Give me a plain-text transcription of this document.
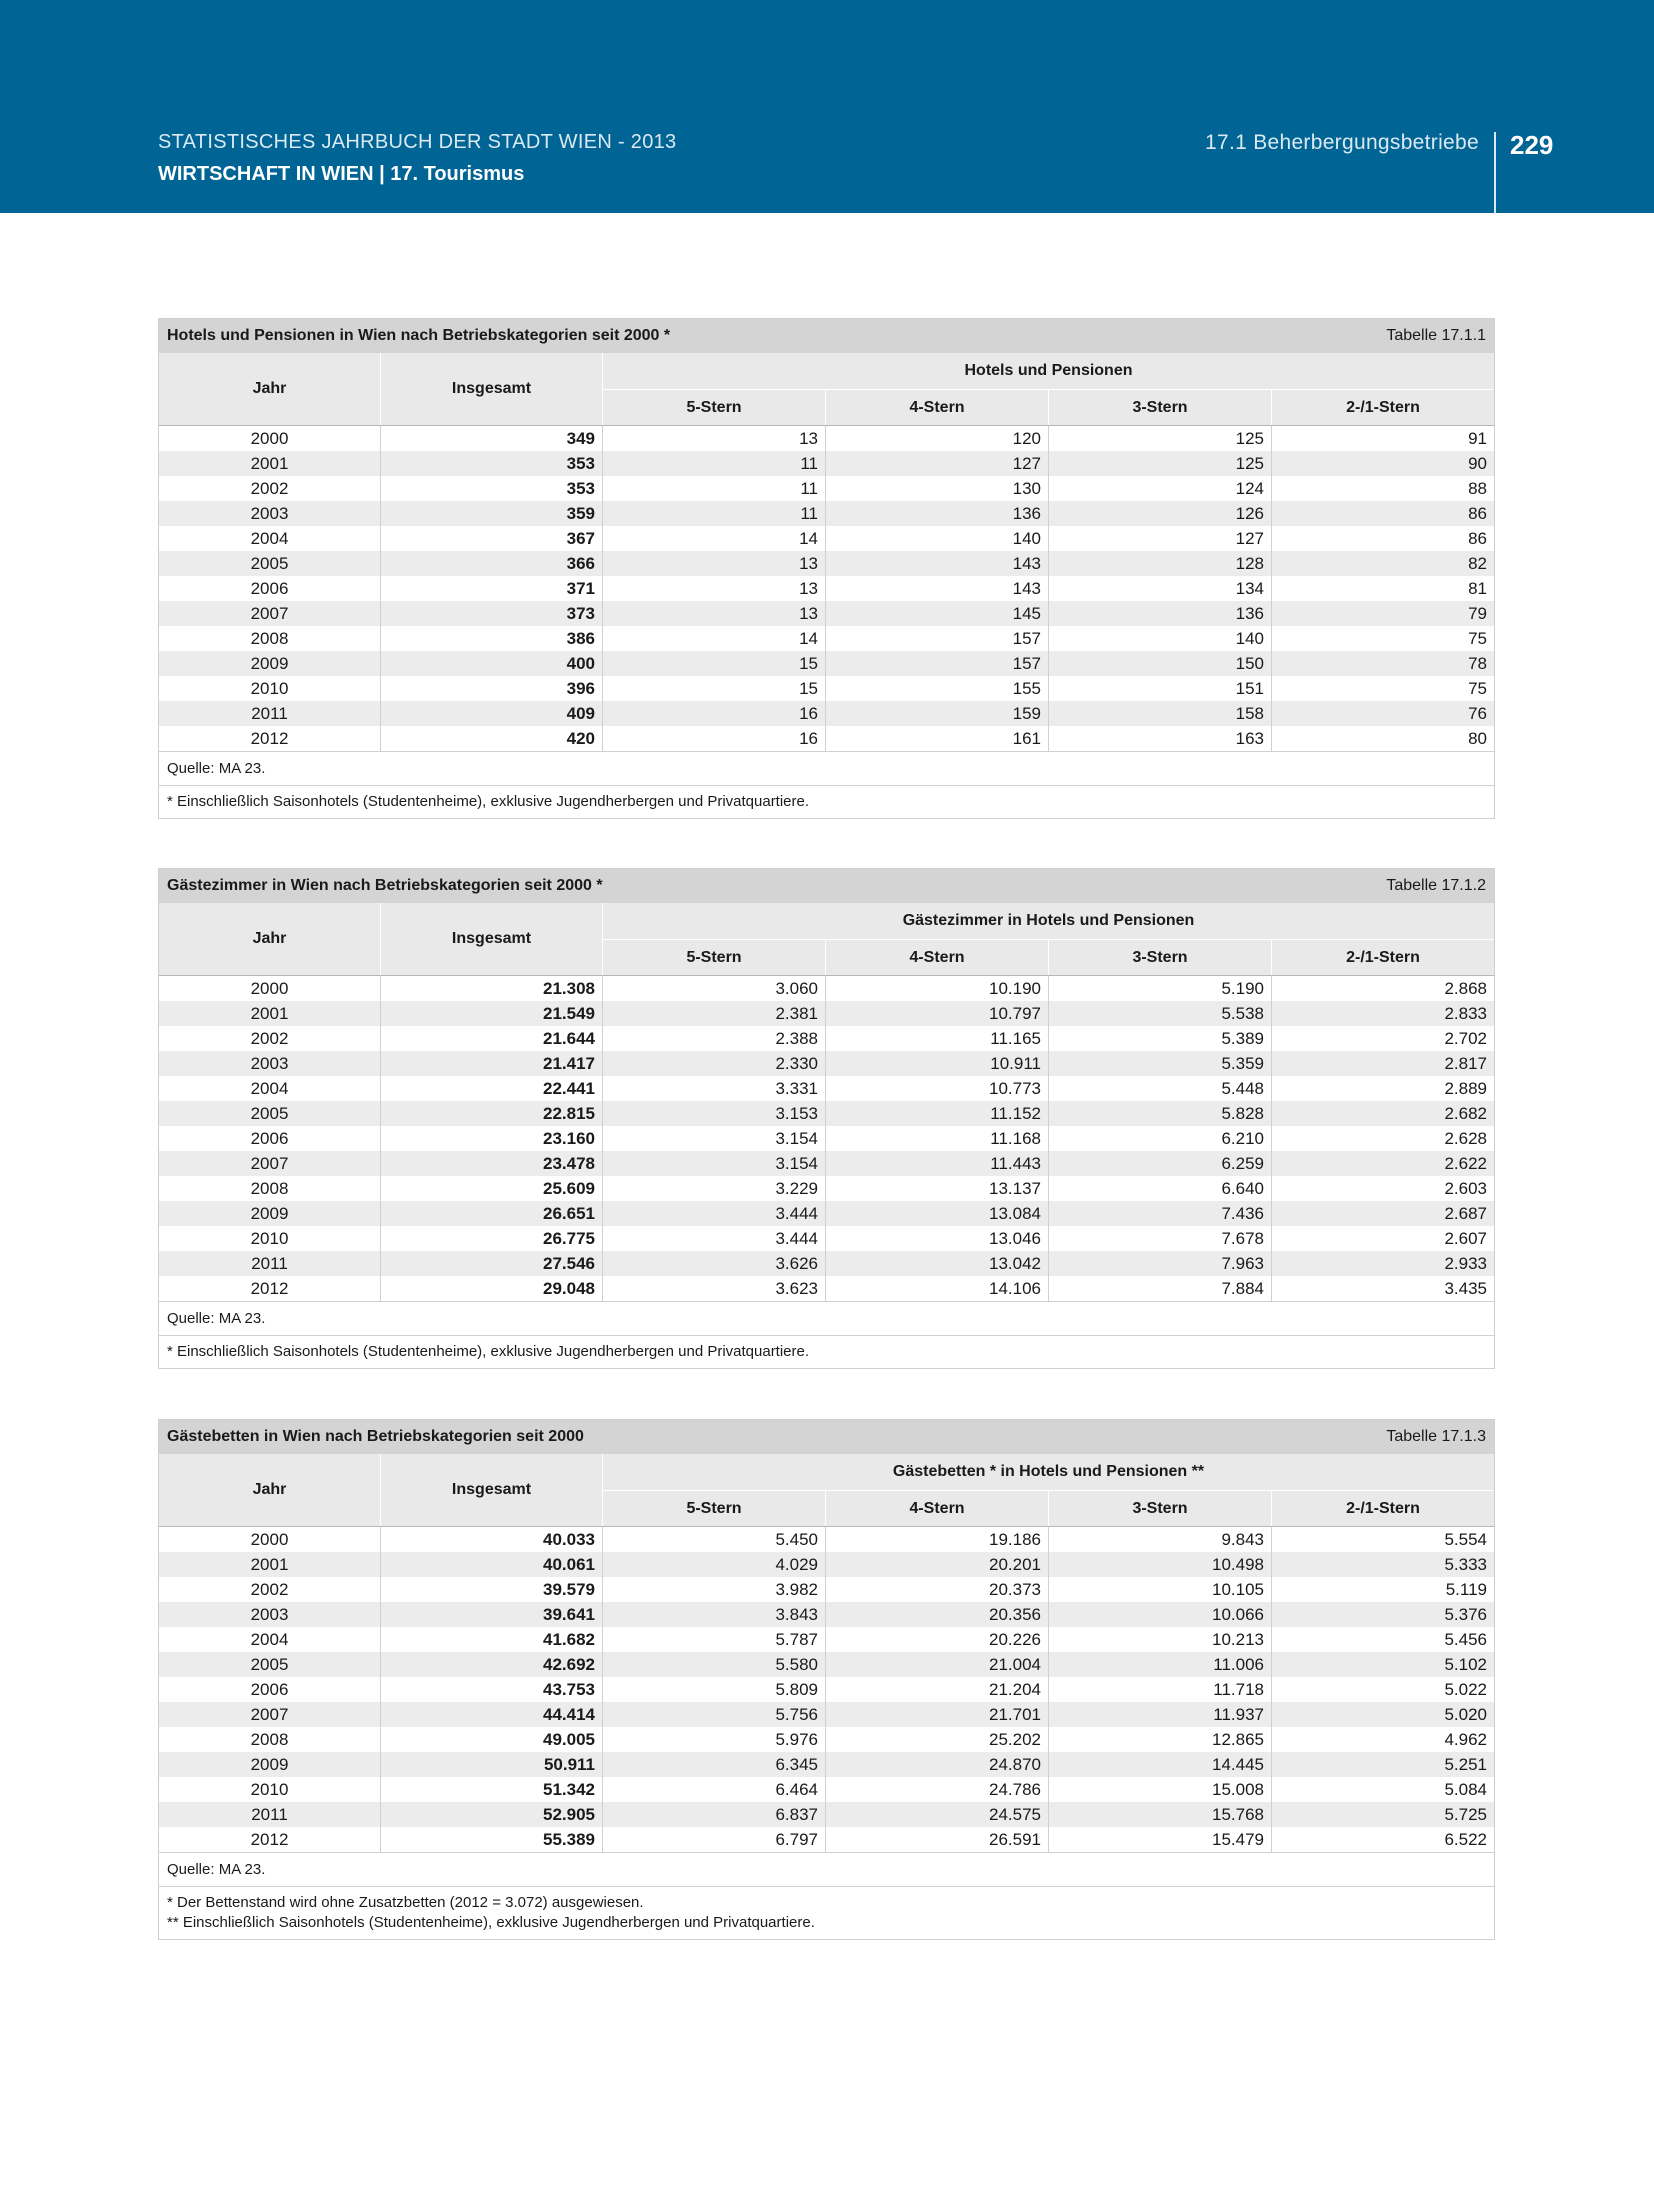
STATISTISCHES JAHRBUCH DER STADT WIEN - 2013
WIRTSCHAFT IN WIEN | 17. Tourismus
17.1 Beherbergungsbetriebe 229
Hotels und Pensionen in Wien nach Betriebskategorien seit 2000 *	Tabelle 17.1.1
Jahr	Insgesamt
Hotels und Pensionen
5-Stern	4-Stern	3-Stern	2-/1-Stern
2000	349	13	120	125	91
2001	353	11	127	125	90
2002	353	11	130	124	88
2003	359	11	136	126	86
2004	367	14	140	127	86
2005	366	13	143	128	82
2006	371	13	143	134	81
2007	373	13	145	136	79
2008	386	14	157	140	75
2009	400	15	157	150	78
2010	396	15	155	151	75
2011	409	16	159	158	76
2012	420	16	161	163	80
Quelle: MA 23.
* Einschließlich Saisonhotels (Studentenheime), exklusive Jugendherbergen und Privatquartiere.
Gästezimmer in Wien nach Betriebskategorien seit 2000 *	Tabelle 17.1.2
Jahr	Insgesamt
Gästezimmer in Hotels und Pensionen
5-Stern	4-Stern	3-Stern	2-/1-Stern
2000	21.308	3.060	10.190	5.190	2.868
2001	21.549	2.381	10.797	5.538	2.833
2002	21.644	2.388	11.165	5.389	2.702
2003	21.417	2.330	10.911	5.359	2.817
2004	22.441	3.331	10.773	5.448	2.889
2005	22.815	3.153	11.152	5.828	2.682
2006	23.160	3.154	11.168	6.210	2.628
2007	23.478	3.154	11.443	6.259	2.622
2008	25.609	3.229	13.137	6.640	2.603
2009	26.651	3.444	13.084	7.436	2.687
2010	26.775	3.444	13.046	7.678	2.607
2011	27.546	3.626	13.042	7.963	2.933
2012	29.048	3.623	14.106	7.884	3.435
Quelle: MA 23.
* Einschließlich Saisonhotels (Studentenheime), exklusive Jugendherbergen und Privatquartiere.
Gästebetten in Wien nach Betriebskategorien seit 2000	Tabelle 17.1.3
Jahr	Insgesamt
Gästebetten * in Hotels und Pensionen **
5-Stern	4-Stern	3-Stern	2-/1-Stern
2000	40.033	5.450	19.186	9.843	5.554
2001	40.061	4.029	20.201	10.498	5.333
2002	39.579	3.982	20.373	10.105	5.119
2003	39.641	3.843	20.356	10.066	5.376
2004	41.682	5.787	20.226	10.213	5.456
2005	42.692	5.580	21.004	11.006	5.102
2006	43.753	5.809	21.204	11.718	5.022
2007	44.414	5.756	21.701	11.937	5.020
2008	49.005	5.976	25.202	12.865	4.962
2009	50.911	6.345	24.870	14.445	5.251
2010	51.342	6.464	24.786	15.008	5.084
2011	52.905	6.837	24.575	15.768	5.725
2012	55.389	6.797	26.591	15.479	6.522
Quelle: MA 23.
* Der Bettenstand wird ohne Zusatzbetten (2012 = 3.072) ausgewiesen.
** Einschließlich Saisonhotels (Studentenheime), exklusive Jugendherbergen und Privatquartiere.
